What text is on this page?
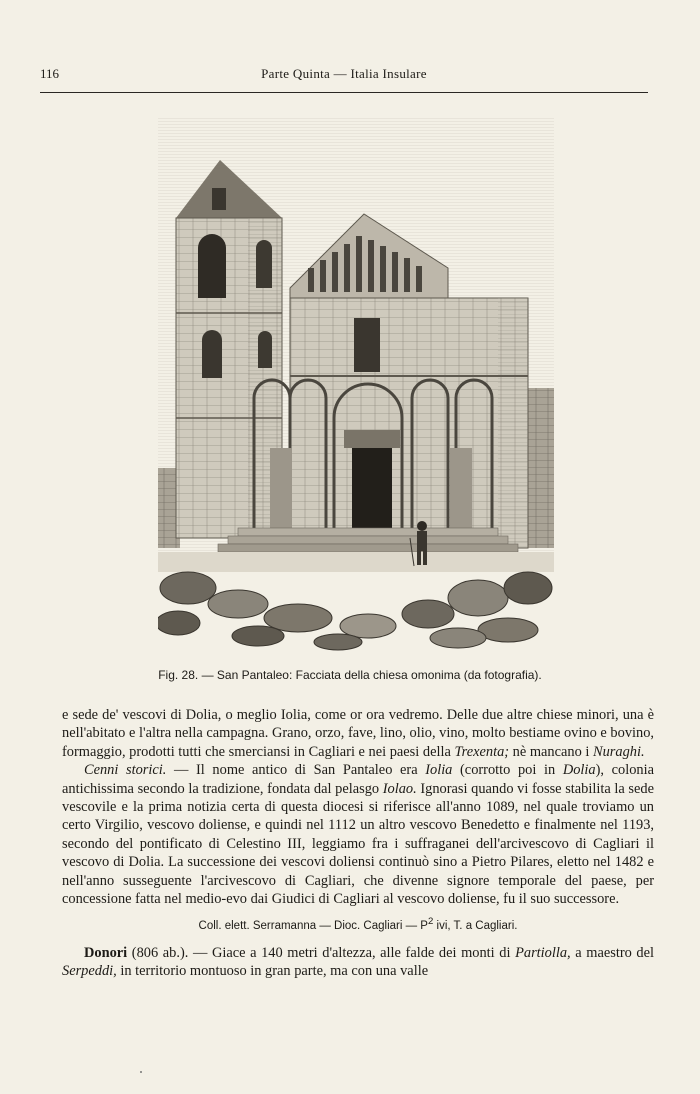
116	Parte Quinta — Italia Insulare
Fig. 28. — San Pantaleo: Facciata della chiesa omonima (da fotografia).

e sede de' vescovi di Dolia, o meglio Iolia, come or ora vedremo. Delle due altre chiese minori, una è nell'abitato e l'altra nella campagna. Grano, orzo, fave, lino, olio, vino, molto bestiame ovino e bovino, formaggio, prodotti tutti che smerciansi in Cagliari e nei paesi della Trexenta; nè mancano i Nuraghi.

Cenni storici. — Il nome antico di San Pantaleo era Iolia (corrotto poi in Dolia), colonia antichissima secondo la tradizione, fondata dal pelasgo Iolao. Ignorasi quando vi fosse stabilita la sede vescovile e la prima notizia certa di questa diocesi si riferisce all'anno 1089, nel quale troviamo un certo Virgilio, vescovo doliense, e quindi nel 1112 un altro vescovo Benedetto e finalmente nel 1193, secondo del pontificato di Celestino III, leggiamo fra i suffraganei dell'arcivescovo di Cagliari il vescovo di Dolia. La successione dei vescovi doliensi continuò sino a Pietro Pilares, eletto nel 1482 e nell'anno susseguente l'arcivescovo di Cagliari, che divenne signore temporale del paese, per concessione fatta nel medio-evo dai Giudici di Cagliari al vescovo doliense, fu il suo successore.

Coll. elett. Serramanna — Dioc. Cagliari — $P^2$ ivi, T. a Cagliari.

Donori (806 ab.). — Giace a 140 metri d'altezza, alle falde dei monti di Partiolla, a maestro del Serpeddi, in territorio montuoso in gran parte, ma con una valle
